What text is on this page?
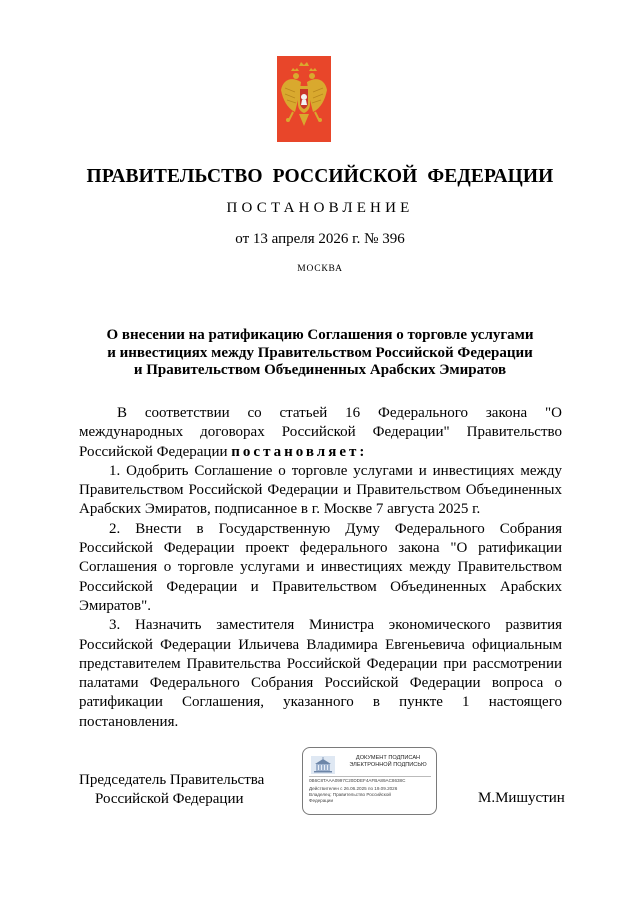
ПРАВИТЕЛЬСТВО РОССИЙСКОЙ ФЕДЕРАЦИИ
ПОСТАНОВЛЕНИЕ
от 13 апреля 2026 г. № 396
МОСКВА
О внесении на ратификацию Соглашения о торговле услугами
и инвестициях между Правительством Российской Федерации
и Правительством Объединенных Арабских Эмиратов

В соответствии со статьей 16 Федерального закона "О международных договорах Российской Федерации" Правительство Российской Федерации постановляет:

1. Одобрить Соглашение о торговле услугами и инвестициях между Правительством Российской Федерации и Правительством Объединенных Арабских Эмиратов, подписанное в г. Москве 7 августа 2025 г.

2. Внести в Государственную Думу Федерального Собрания Российской Федерации проект федерального закона "О ратификации Соглашения о торговле услугами и инвестициях между Правительством Российской Федерации и Правительством Объединенных Арабских Эмиратов".

3. Назначить заместителя Министра экономического развития Российской Федерации Ильичева Владимира Евгеньевича официальным представителем Правительства Российской Федерации при рассмотрении палатами Федерального Собрания Российской Федерации вопроса о ратификации Соглашения, указанного в пункте 1 настоящего постановления.

Председатель Правительства
Российской Федерации
ДОКУМЕНТ ПОДПИСАН
ЭЛЕКТРОННОЙ ПОДПИСЬЮ
0B6C8TAAA0997C20DDEF4AFBA89AC8638C
Действителен с 26.06.2025 по 19.09.2026
Владелец: Правительство Российской
Федерации	М.Мишустин
